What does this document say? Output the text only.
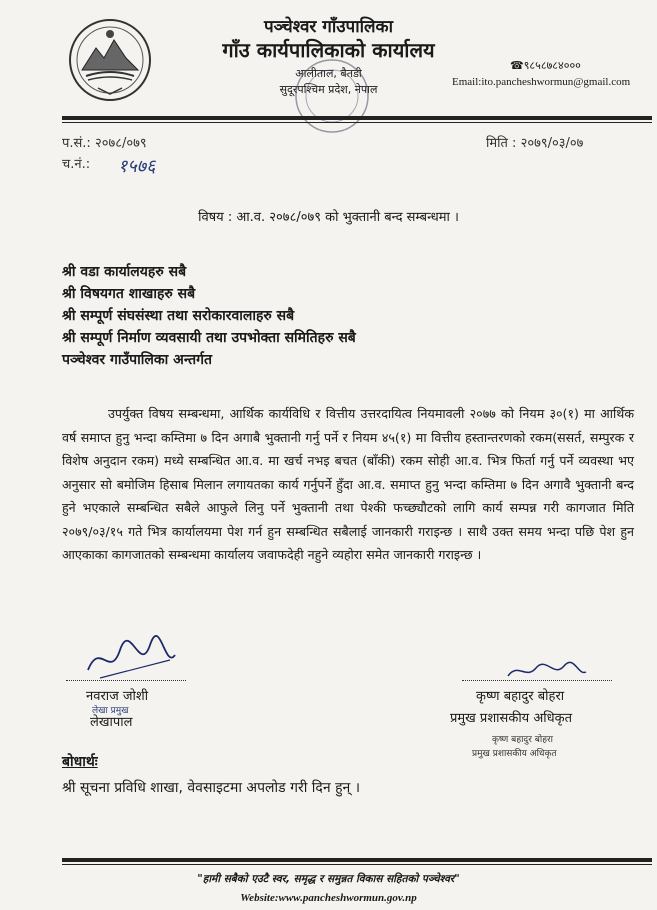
पञ्चेश्वर गाँउपालिका
गाँउ कार्यपालिकाको कार्यालय
आलीताल, बैतडी
सुदूरपश्चिम प्रदेश, नेपाल
☎९८५८७८४०००
Email:ito.pancheshwormun@gmail.com
प.सं.: २०७८/०७९
च.नं.: १५७६
मिति : २०७९/०३/०७
विषय : आ.व. २०७८/०७९ को भुक्तानी बन्द सम्बन्धमा ।
श्री वडा कार्यालयहरु सबै
श्री विषयगत शाखाहरु सबै
श्री सम्पूर्ण संघसंस्था तथा सरोकारवालाहरु सबै
श्री सम्पूर्ण निर्माण व्यवसायी तथा उपभोक्ता समितिहरु सबै
पञ्चेश्वर गाउँपालिका अन्तर्गत
उपर्युक्त विषय सम्बन्धमा, आर्थिक कार्यविधि र वित्तीय उत्तरदायित्व नियमावली २०७७ को नियम ३०(१) मा आर्थिक वर्ष समाप्त हुनु भन्दा कम्तिमा ७ दिन अगाबै भुक्तानी गर्नु पर्ने र नियम ४५(१) मा वित्तीय हस्तान्तरणको रकम(ससर्त, सम्पुरक र विशेष अनुदान रकम) मध्ये सम्बन्धित आ.व. मा खर्च नभइ बचत (बाँकी) रकम सोही आ.व. भित्र फिर्ता गर्नु पर्ने व्यवस्था भए अनुसार सो बमोजिम हिसाब मिलान लगायतका कार्य गर्नुपर्ने हुँदा आ.व. समाप्त हुनु भन्दा कम्तिमा ७ दिन अगावै भुक्तानी बन्द हुने भएकाले सम्बन्धित सबैले आफुले लिनु पर्ने भुक्तानी तथा पेश्की फच्छ्यौटको लागि कार्य सम्पन्न गरी कागजात मिति २०७९/०३/१५ गते भित्र कार्यालयमा पेश गर्न हुन सम्बन्धित सबैलाई जानकारी गराइन्छ । साथै उक्त समय भन्दा पछि पेश हुन आएकाका कागजातको सम्बन्धमा कार्यालय जवाफदेही नहुने व्यहोरा समेत जानकारी गराइन्छ ।
नवराज जोशी
लेखा प्रमुख
लेखापाल
कृष्ण बहादुर बोहरा
प्रमुख प्रशासकीय अधिकृत
कृष्ण बहादुर बोहरा
प्रमुख प्रशासकीय अधिकृत
बोधार्थः
श्री सूचना प्रविधि शाखा, वेवसाइटमा अपलोड गरी दिन हुन् ।
"हामी सबैको एउटै स्वर, समृद्ध र समुन्नत विकास सहितको पञ्चेश्वर"
Website:www.pancheshwormun.gov.np
